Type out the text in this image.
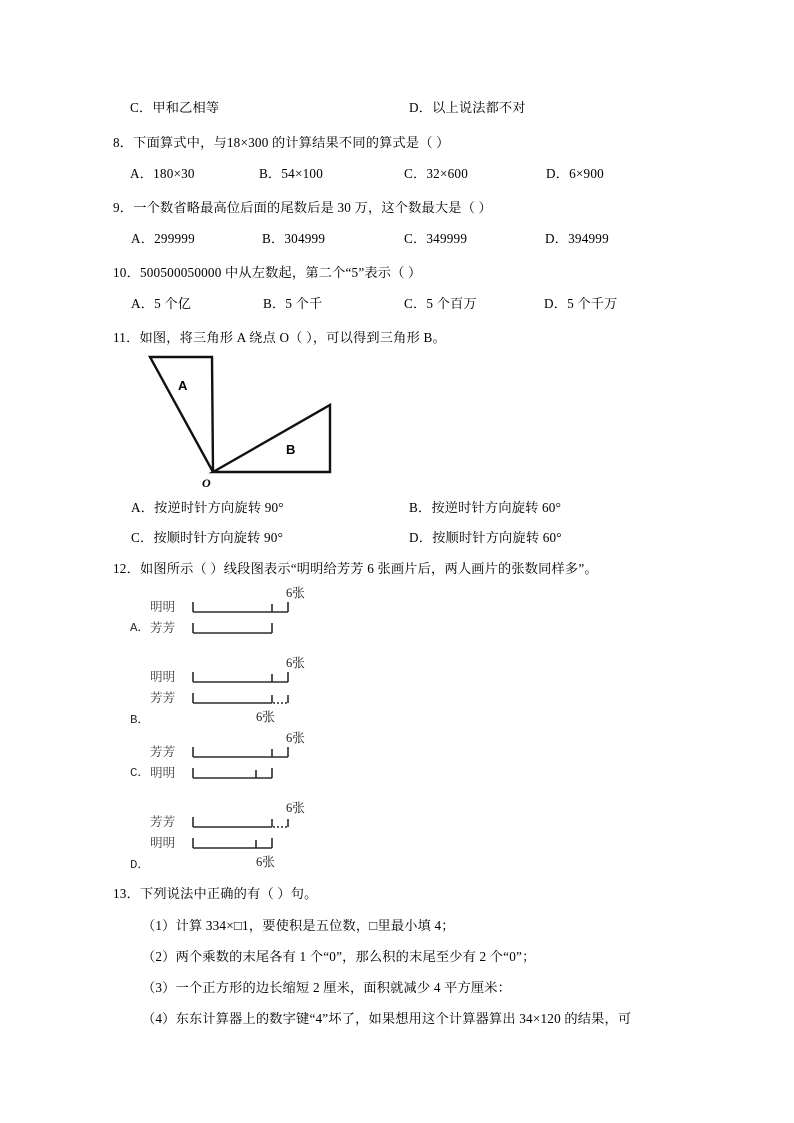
C．甲和乙相等	D．以上说法都不对
8．下面算式中，与18×300 的计算结果不同的算式是（ ）
A．180×30	B．54×100	C．32×600	D．6×900
9．一个数省略最高位后面的尾数后是 30 万，这个数最大是（ ）
A．299999	B．304999	C．349999	D．394999
10．500500050000 中从左数起，第二个“5”表示（ ）
A．5 个亿	B．5 个千	C．5 个百万	D．5 个千万
11．如图，将三角形 A 绕点 O（ ），可以得到三角形 B。
A
B
O
A．按逆时针方向旋转 90°	B．按逆时针方向旋转 60°
C．按顺时针方向旋转 90°	D．按顺时针方向旋转 60°
12．如图所示（ ）线段图表示“明明给芳芳 6 张画片后，两人画片的张数同样多”。
明明
芳芳
6张
A．
明明
芳芳
6张
6张
B．
芳芳
明明
6张
C．
芳芳
明明
6张
6张
D．
13．下列说法中正确的有（ ）句。
（1）计算 334×□1，要使积是五位数，□里最小填 4；
（2）两个乘数的末尾各有 1 个“0”，那么积的末尾至少有 2 个“0”；
（3）一个正方形的边长缩短 2 厘米，面积就减少 4 平方厘米：
（4）东东计算器上的数字键“4”坏了，如果想用这个计算器算出 34×120 的结果，可
